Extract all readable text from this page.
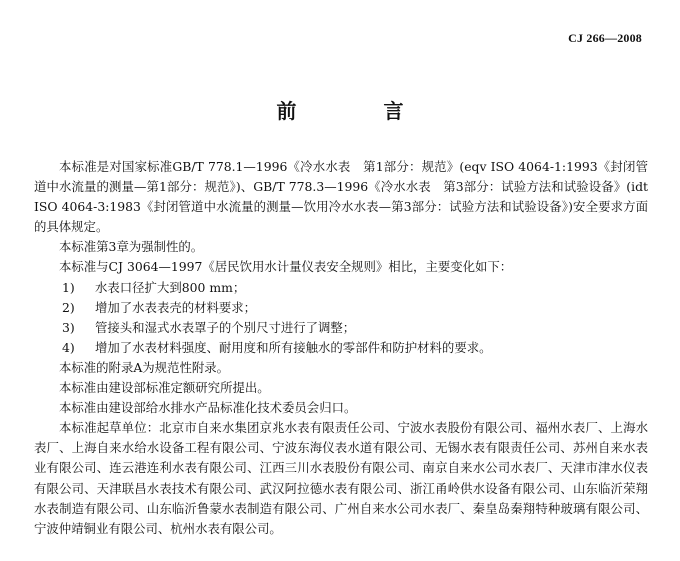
CJ 266—2008
前 言

本标准是对国家标准GB/T 778.1—1996《冷水水表　第1部分：规范》(eqv ISO 4064-1:1993《封闭管道中水流量的测量—第1部分：规范》)、GB/T 778.3—1996《冷水水表　第3部分：试验方法和试验设备》(idt ISO 4064-3:1983《封闭管道中水流量的测量—饮用冷水水表—第3部分：试验方法和试验设备》)安全要求方面的具体规定。

本标准第3章为强制性的。

本标准与CJ 3064—1997《居民饮用水计量仪表安全规则》相比，主要变化如下：

1)	水表口径扩大到800 mm；
2)	增加了水表表壳的材料要求；
3)	管接头和湿式水表罩子的个别尺寸进行了调整；
4)	增加了水表材料强度、耐用度和所有接触水的零部件和防护材料的要求。

本标准的附录A为规范性附录。

本标准由建设部标准定额研究所提出。

本标准由建设部给水排水产品标准化技术委员会归口。

本标准起草单位：北京市自来水集团京兆水表有限责任公司、宁波水表股份有限公司、福州水表厂、上海水表厂、上海自来水给水设备工程有限公司、宁波东海仪表水道有限公司、无锡水表有限责任公司、苏州自来水表业有限公司、连云港连利水表有限公司、江西三川水表股份有限公司、南京自来水公司水表厂、天津市津水仪表有限公司、天津联昌水表技术有限公司、武汉阿拉德水表有限公司、浙江甬岭供水设备有限公司、山东临沂荣翔水表制造有限公司、山东临沂鲁蒙水表制造有限公司、广州自来水公司水表厂、秦皇岛秦翔特种玻璃有限公司、宁波仲靖铜业有限公司、杭州水表有限公司。
